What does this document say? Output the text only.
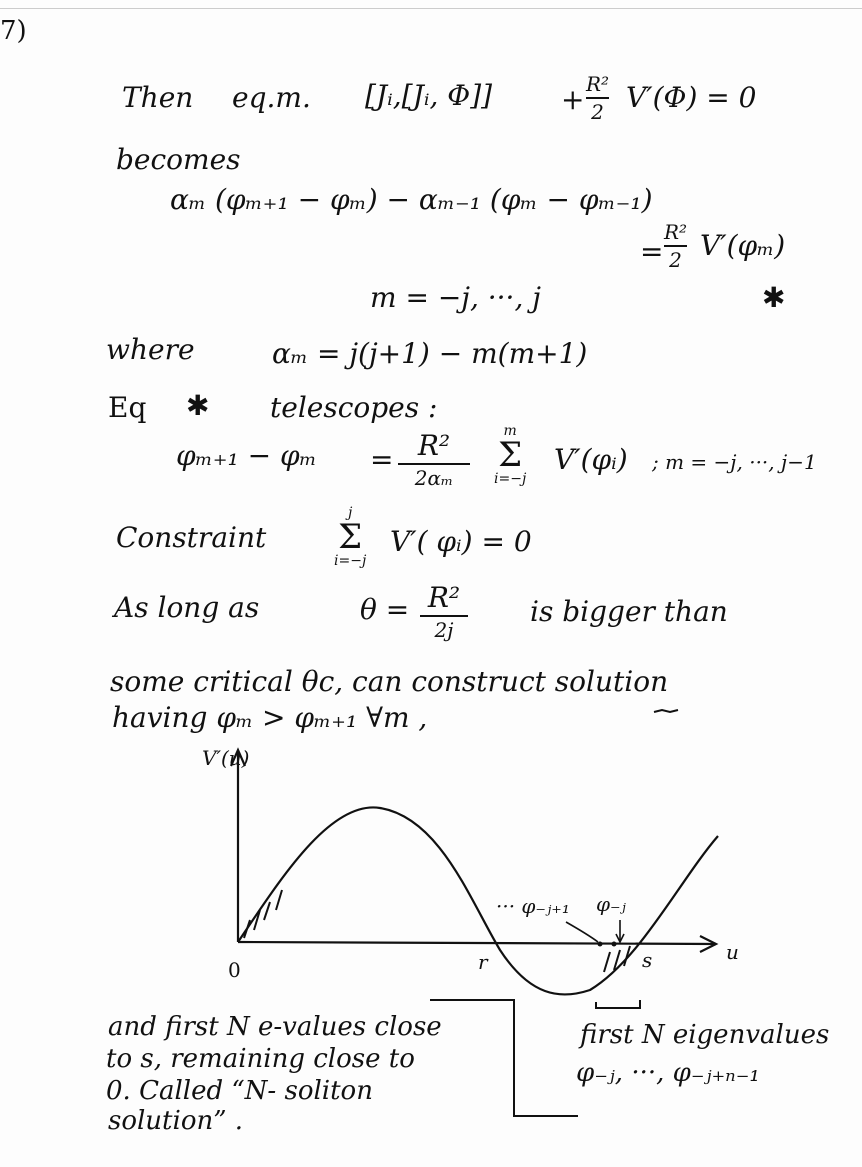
7)
Then eq.m. [Jᵢ,[Jᵢ, Φ]] + R²
2 V′(Φ) = 0
becomes
αₘ (φₘ₊₁ − φₘ) − αₘ₋₁ (φₘ − φₘ₋₁)
=
R²
2 V′(φₘ)
m = −j, ···, j	✱
where	αₘ = j(j+1) − m(m+1)
Eq ✱ telescopes :
φₘ₊₁ − φₘ = R²
2αₘ
m
Σ
i=−j
V′(φᵢ) ; m = −j, ···, j−1
Constraint
j
Σ
i=−j
V′( φᵢ) = 0
As long as	θ = R²
2j
is bigger than
some critical θc, can construct solution
having φₘ > φₘ₊₁ ∀m ,
V′(u)
u
0	r	s
··· φ₋ⱼ₊₁ φ₋ⱼ
and first N e-values close
to s, remaining close to
0. Called “N- soliton
solution” .
first N eigenvalues
φ₋ⱼ, ···, φ₋ⱼ₊ₙ₋₁
